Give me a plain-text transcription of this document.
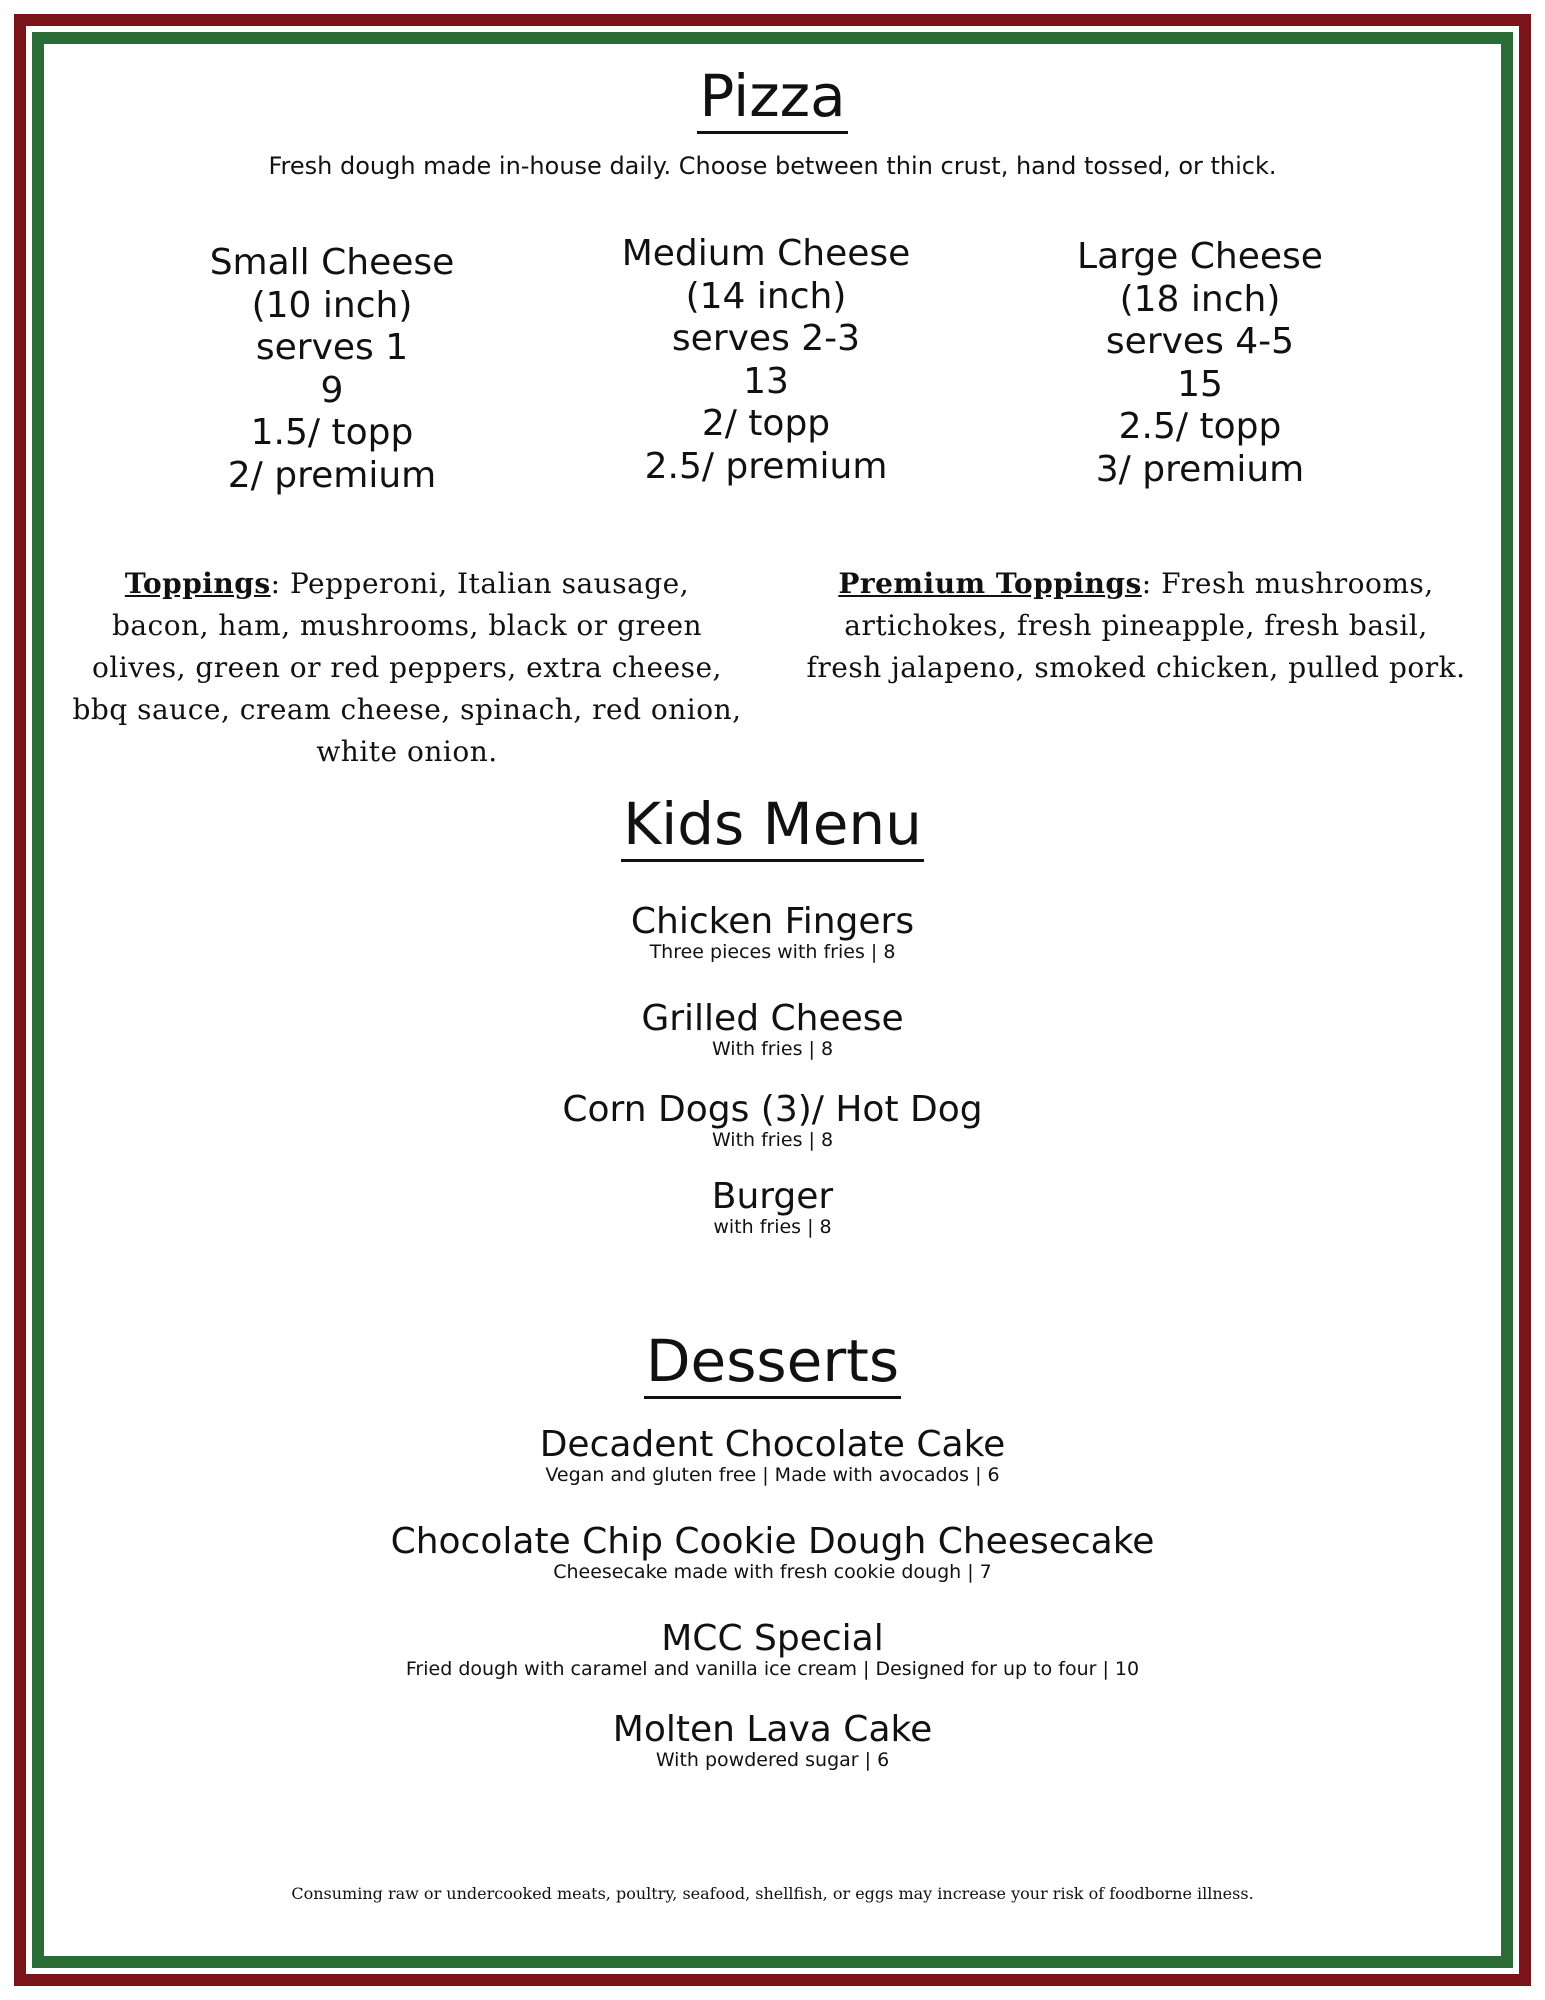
Pizza
Fresh dough made in-house daily. Choose between thin crust, hand tossed, or thick.
Small Cheese
(10 inch)
serves 1
9
1.5/ topp
2/ premium
Medium Cheese
(14 inch)
serves 2-3
13
2/ topp
2.5/ premium
Large Cheese
(18 inch)
serves 4-5
15
2.5/ topp
3/ premium
Toppings: Pepperoni, Italian sausage, bacon, ham, mushrooms, black or green olives, green or red peppers, extra cheese, bbq sauce, cream cheese, spinach, red onion, white onion.
Premium Toppings: Fresh mushrooms, artichokes, fresh pineapple, fresh basil, fresh jalapeno, smoked chicken, pulled pork.
Kids Menu
Chicken Fingers
Three pieces with fries | 8
Grilled Cheese
With fries | 8
Corn Dogs (3)/ Hot Dog
With fries | 8
Burger
with fries | 8
Desserts
Decadent Chocolate Cake
Vegan and gluten free | Made with avocados | 6
Chocolate Chip Cookie Dough Cheesecake
Cheesecake made with fresh cookie dough | 7
MCC Special
Fried dough with caramel and vanilla ice cream | Designed for up to four | 10
Molten Lava Cake
With powdered sugar | 6
Consuming raw or undercooked meats, poultry, seafood, shellfish, or eggs may increase your risk of foodborne illness.
